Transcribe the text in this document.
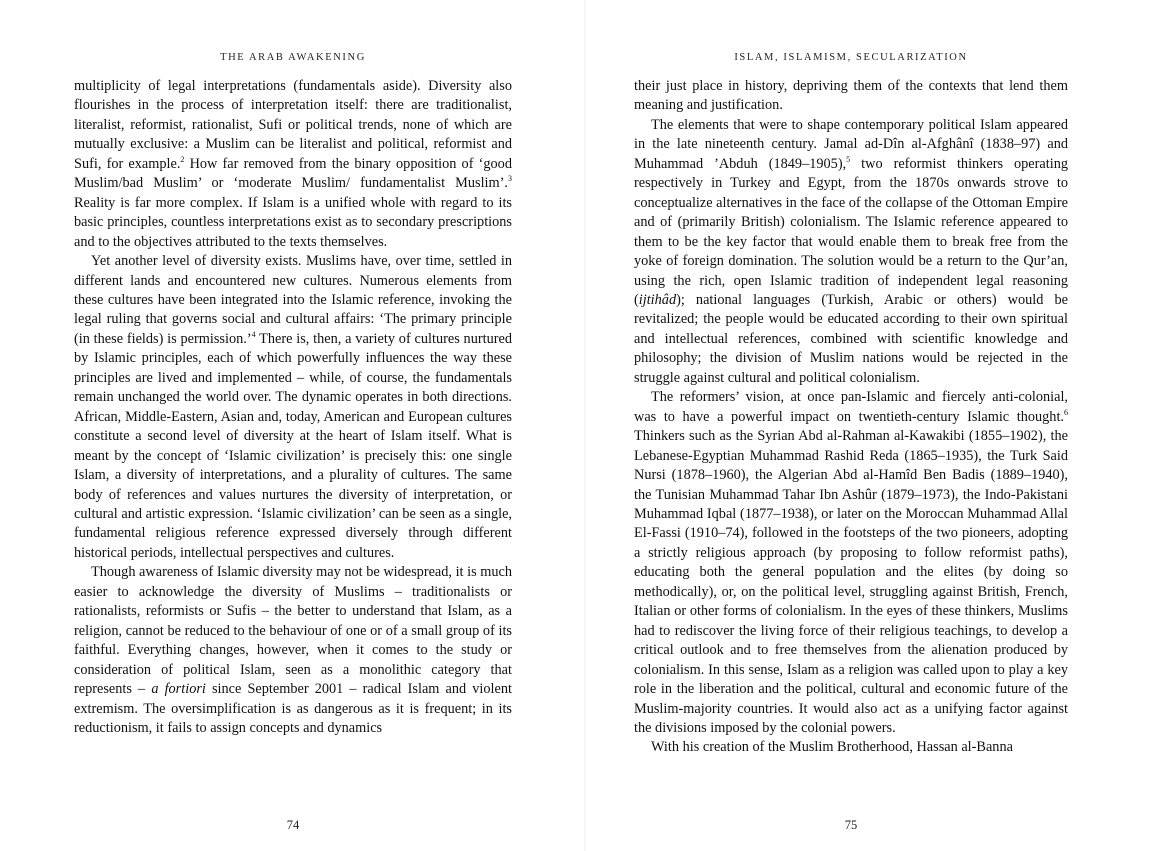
THE ARAB AWAKENING

multiplicity of legal interpretations (fundamentals aside). Diversity also flourishes in the process of interpretation itself: there are traditionalist, literalist, reformist, rationalist, Sufi or political trends, none of which are mutually exclusive: a Muslim can be literalist and political, reformist and Sufi, for example.$^2$ How far removed from the binary opposition of ‘good Muslim/bad Muslim’ or ‘moderate Muslim/ fundamentalist Muslim’.$^3$ Reality is far more complex. If Islam is a unified whole with regard to its basic principles, countless interpretations exist as to secondary prescriptions and to the objectives attributed to the texts themselves.

Yet another level of diversity exists. Muslims have, over time, settled in different lands and encountered new cultures. Numerous elements from these cultures have been integrated into the Islamic reference, invoking the legal ruling that governs social and cultural affairs: ‘The primary principle (in these fields) is permission.’$^4$ There is, then, a variety of cultures nurtured by Islamic principles, each of which powerfully influences the way these principles are lived and implemented – while, of course, the fundamentals remain unchanged the world over. The dynamic operates in both directions. African, Middle-Eastern, Asian and, today, American and European cultures constitute a second level of diversity at the heart of Islam itself. What is meant by the concept of ‘Islamic civilization’ is precisely this: one single Islam, a diversity of interpretations, and a plurality of cultures. The same body of references and values nurtures the diversity of interpretation, or cultural and artistic expression. ‘Islamic civilization’ can be seen as a single, fundamental religious reference expressed diversely through different historical periods, intellectual perspectives and cultures.

Though awareness of Islamic diversity may not be widespread, it is much easier to acknowledge the diversity of Muslims – traditionalists or rationalists, reformists or Sufis – the better to understand that Islam, as a religion, cannot be reduced to the behaviour of one or of a small group of its faithful. Everything changes, however, when it comes to the study or consideration of political Islam, seen as a monolithic category that represents – a fortiori since September 2001 – radical Islam and violent extremism. The oversimplification is as dangerous as it is frequent; in its reductionism, it fails to assign concepts and dynamics

74
ISLAM, ISLAMISM, SECULARIZATION

their just place in history, depriving them of the contexts that lend them meaning and justification.

The elements that were to shape contemporary political Islam appeared in the late nineteenth century. Jamal ad-Dîn al-Afghânî (1838–97) and Muhammad ’Abduh (1849–1905),$^5$ two reformist thinkers operating respectively in Turkey and Egypt, from the 1870s onwards strove to conceptualize alternatives in the face of the collapse of the Ottoman Empire and of (primarily British) colonialism. The Islamic reference appeared to them to be the key factor that would enable them to break free from the yoke of foreign domination. The solution would be a return to the Qur’an, using the rich, open Islamic tradition of independent legal reasoning (ijtihâd); national languages (Turkish, Arabic or others) would be revitalized; the people would be educated according to their own spiritual and intellectual references, combined with scientific knowledge and philosophy; the division of Muslim nations would be rejected in the struggle against cultural and political colonialism.

The reformers’ vision, at once pan-Islamic and fiercely anti-colonial, was to have a powerful impact on twentieth-century Islamic thought.$^6$ Thinkers such as the Syrian Abd al-Rahman al-Kawakibi (1855–1902), the Lebanese-Egyptian Muhammad Rashid Reda (1865–1935), the Turk Said Nursi (1878–1960), the Algerian Abd al-Hamîd Ben Badis (1889–1940), the Tunisian Muhammad Tahar Ibn Ashûr (1879–1973), the Indo-Pakistani Muhammad Iqbal (1877–1938), or later on the Moroccan Muhammad Allal El-Fassi (1910–74), followed in the footsteps of the two pioneers, adopting a strictly religious approach (by proposing to follow reformist paths), educating both the general population and the elites (by doing so methodically), or, on the political level, struggling against British, French, Italian or other forms of colonialism. In the eyes of these thinkers, Muslims had to rediscover the living force of their religious teachings, to develop a critical outlook and to free themselves from the alienation produced by colonialism. In this sense, Islam as a religion was called upon to play a key role in the liberation and the political, cultural and economic future of the Muslim-majority countries. It would also act as a unifying factor against the divisions imposed by the colonial powers.

With his creation of the Muslim Brotherhood, Hassan al-Banna

75
